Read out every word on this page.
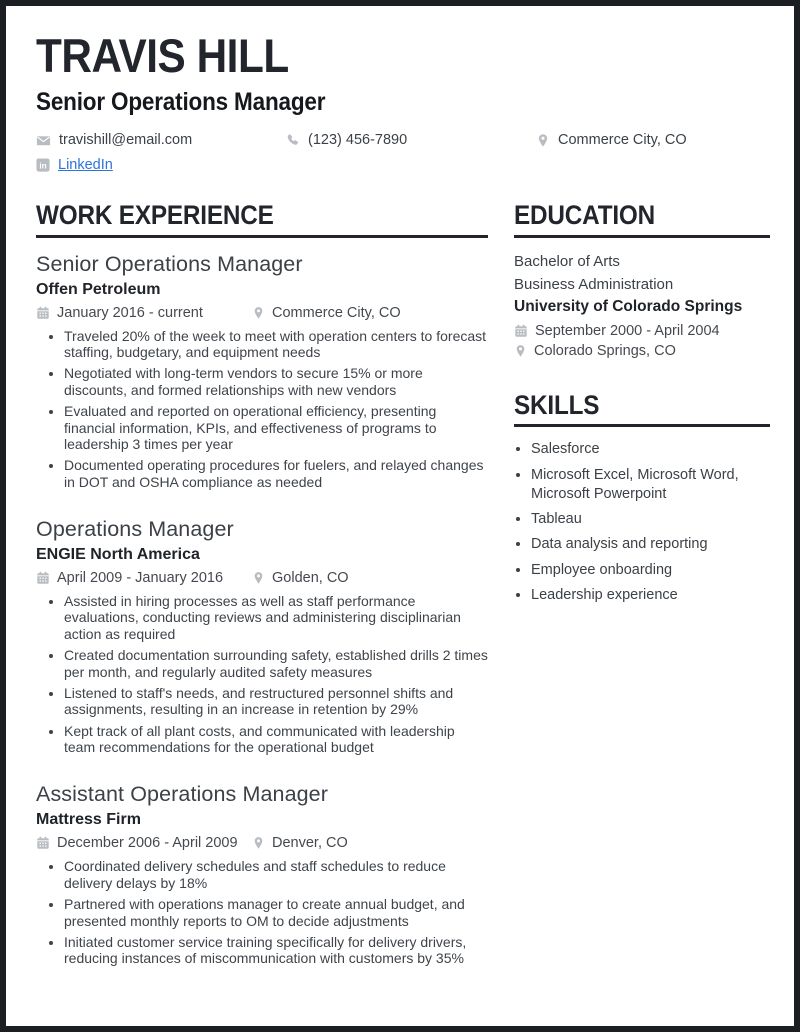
TRAVIS HILL
Senior Operations Manager
travishill@email.com	(123) 456-7890	Commerce City, CO
in LinkedIn
WORK EXPERIENCE
Senior Operations Manager
Offen Petroleum
January 2016 - current	Commerce City, CO
• Traveled 20% of the week to meet with operation centers to forecast staffing, budgetary, and equipment needs
• Negotiated with long-term vendors to secure 15% or more discounts, and formed relationships with new vendors
• Evaluated and reported on operational efficiency, presenting financial information, KPIs, and effectiveness of programs to leadership 3 times per year
• Documented operating procedures for fuelers, and relayed changes in DOT and OSHA compliance as needed
Operations Manager
ENGIE North America
April 2009 - January 2016	Golden, CO
• Assisted in hiring processes as well as staff performance evaluations, conducting reviews and administering disciplinarian action as required
• Created documentation surrounding safety, established drills 2 times per month, and regularly audited safety measures
• Listened to staff's needs, and restructured personnel shifts and assignments, resulting in an increase in retention by 29%
• Kept track of all plant costs, and communicated with leadership team recommendations for the operational budget
Assistant Operations Manager
Mattress Firm
December 2006 - April 2009 Denver, CO
• Coordinated delivery schedules and staff schedules to reduce delivery delays by 18%
• Partnered with operations manager to create annual budget, and presented monthly reports to OM to decide adjustments
• Initiated customer service training specifically for delivery drivers, reducing instances of miscommunication with customers by 35%
EDUCATION
Bachelor of Arts
Business Administration
University of Colorado Springs
September 2000 - April 2004
Colorado Springs, CO
SKILLS
• Salesforce
• Microsoft Excel, Microsoft Word, Microsoft Powerpoint
• Tableau
• Data analysis and reporting
• Employee onboarding
• Leadership experience
